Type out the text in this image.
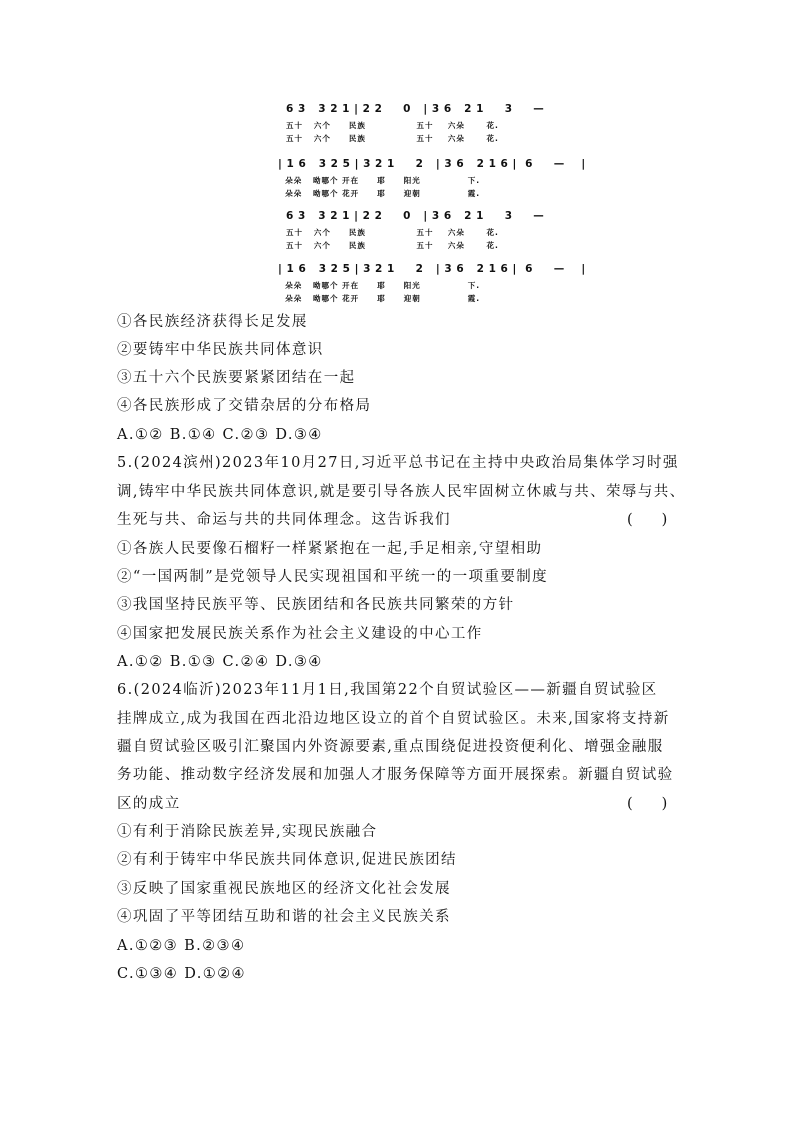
6 3   3 2 1 | 2 2     0   | 3 6   2 1     3     —
五十   六个     民族              五十    六朵      花.
五十   六个     民族              五十    六朵      花.
| 1 6   3 2 5 | 3 2 1     2   | 3 6   2 1 6 |  6     —    |
朵朵   呦哪个 开在     耶     阳光             下.
朵朵   呦哪个 花开     耶     迎朝             霞.
6 3   3 2 1 | 2 2     0   | 3 6   2 1     3     —
五十   六个     民族              五十    六朵      花.
五十   六个     民族              五十    六朵      花.
| 1 6   3 2 5 | 3 2 1     2   | 3 6   2 1 6 |  6     —    |
朵朵   呦哪个 开在     耶     阳光             下.
朵朵   呦哪个 花开     耶     迎朝             霞.
①各民族经济获得长足发展
②要铸牢中华民族共同体意识
③五十六个民族要紧紧团结在一起
④各民族形成了交错杂居的分布格局
A.①② B.①④ C.②③ D.③④
5.(2024滨州)2023年10月27日,习近平总书记在主持中央政治局集体学习时强
调,铸牢中华民族共同体意识,就是要引导各族人民牢固树立休戚与共、荣辱与共、
生死与共、命运与共的共同体理念。这告诉我们	(　　)
①各族人民要像石榴籽一样紧紧抱在一起,手足相亲,守望相助
②“一国两制”是党领导人民实现祖国和平统一的一项重要制度
③我国坚持民族平等、民族团结和各民族共同繁荣的方针
④国家把发展民族关系作为社会主义建设的中心工作
A.①② B.①③ C.②④ D.③④
6.(2024临沂)2023年11月1日,我国第22个自贸试验区——新疆自贸试验区
挂牌成立,成为我国在西北沿边地区设立的首个自贸试验区。未来,国家将支持新
疆自贸试验区吸引汇聚国内外资源要素,重点围绕促进投资便利化、增强金融服
务功能、推动数字经济发展和加强人才服务保障等方面开展探索。新疆自贸试验
区的成立	(　　)
①有利于消除民族差异,实现民族融合
②有利于铸牢中华民族共同体意识,促进民族团结
③反映了国家重视民族地区的经济文化社会发展
④巩固了平等团结互助和谐的社会主义民族关系
A.①②③ B.②③④
C.①③④ D.①②④
